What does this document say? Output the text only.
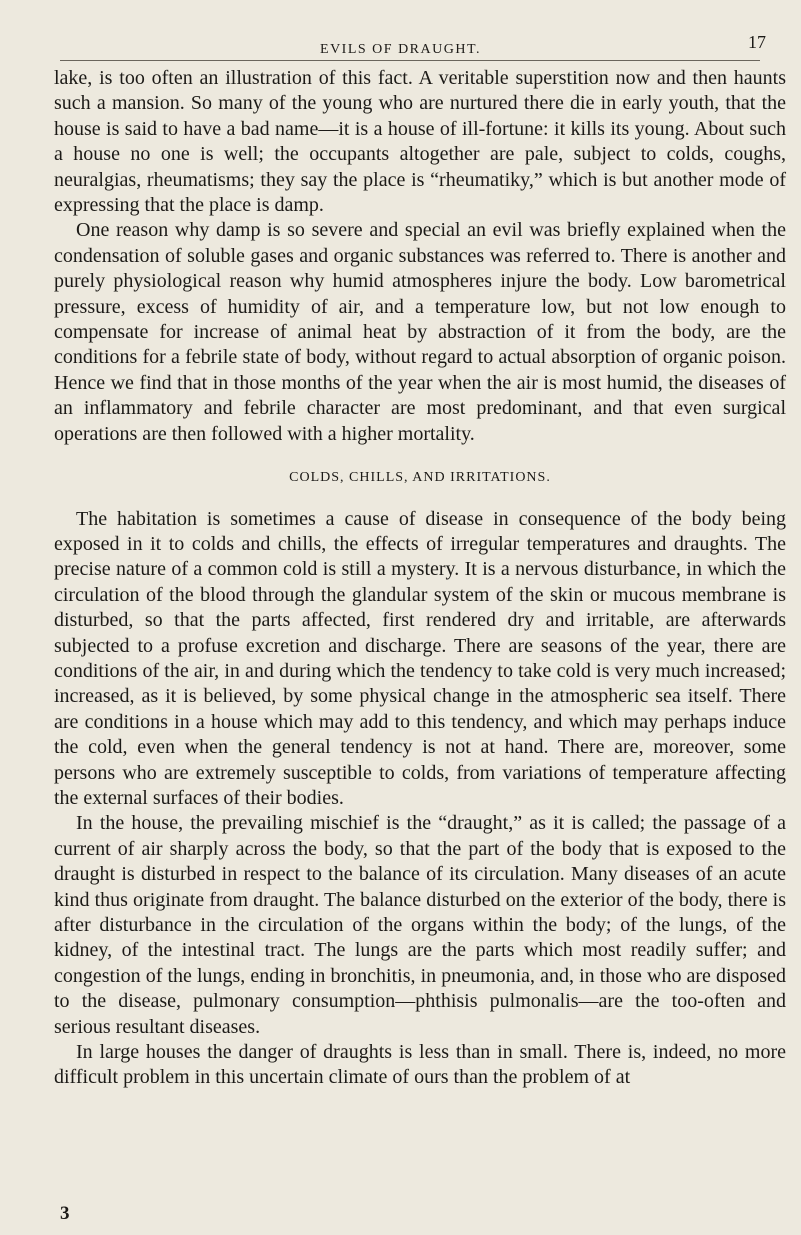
EVILS OF DRAUGHT.	17

lake, is too often an illustration of this fact. A veritable superstition now and then haunts such a mansion. So many of the young who are nurtured there die in early youth, that the house is said to have a bad name—it is a house of ill-fortune: it kills its young. About such a house no one is well; the occupants altogether are pale, subject to colds, coughs, neuralgias, rheumatisms; they say the place is “rheumatiky,” which is but another mode of expressing that the place is damp.

One reason why damp is so severe and special an evil was briefly explained when the condensation of soluble gases and organic substances was referred to. There is another and purely physiological reason why humid atmospheres injure the body. Low barometrical pressure, excess of humidity of air, and a temperature low, but not low enough to compensate for increase of animal heat by abstraction of it from the body, are the conditions for a febrile state of body, without regard to actual absorption of organic poison. Hence we find that in those months of the year when the air is most humid, the diseases of an inflammatory and febrile character are most predominant, and that even surgical operations are then followed with a higher mortality.

COLDS, CHILLS, AND IRRITATIONS.

The habitation is sometimes a cause of disease in consequence of the body being exposed in it to colds and chills, the effects of irregular temperatures and draughts. The precise nature of a common cold is still a mystery. It is a nervous disturbance, in which the circulation of the blood through the glandular system of the skin or mucous membrane is disturbed, so that the parts affected, first rendered dry and irritable, are afterwards subjected to a profuse excretion and discharge. There are seasons of the year, there are conditions of the air, in and during which the tendency to take cold is very much increased; increased, as it is believed, by some physical change in the atmospheric sea itself. There are conditions in a house which may add to this tendency, and which may perhaps induce the cold, even when the general tendency is not at hand. There are, moreover, some persons who are extremely susceptible to colds, from variations of temperature affecting the external surfaces of their bodies.

In the house, the prevailing mischief is the “draught,” as it is called; the passage of a current of air sharply across the body, so that the part of the body that is exposed to the draught is disturbed in respect to the balance of its circulation. Many diseases of an acute kind thus originate from draught. The balance disturbed on the exterior of the body, there is after disturbance in the circulation of the organs within the body; of the lungs, of the kidney, of the intestinal tract. The lungs are the parts which most readily suffer; and congestion of the lungs, ending in bronchitis, in pneumonia, and, in those who are disposed to the disease, pulmonary consumption—phthisis pulmonalis—are the too-often and serious resultant diseases.

In large houses the danger of draughts is less than in small. There is, indeed, no more difficult problem in this uncertain climate of ours than the problem of at

3
